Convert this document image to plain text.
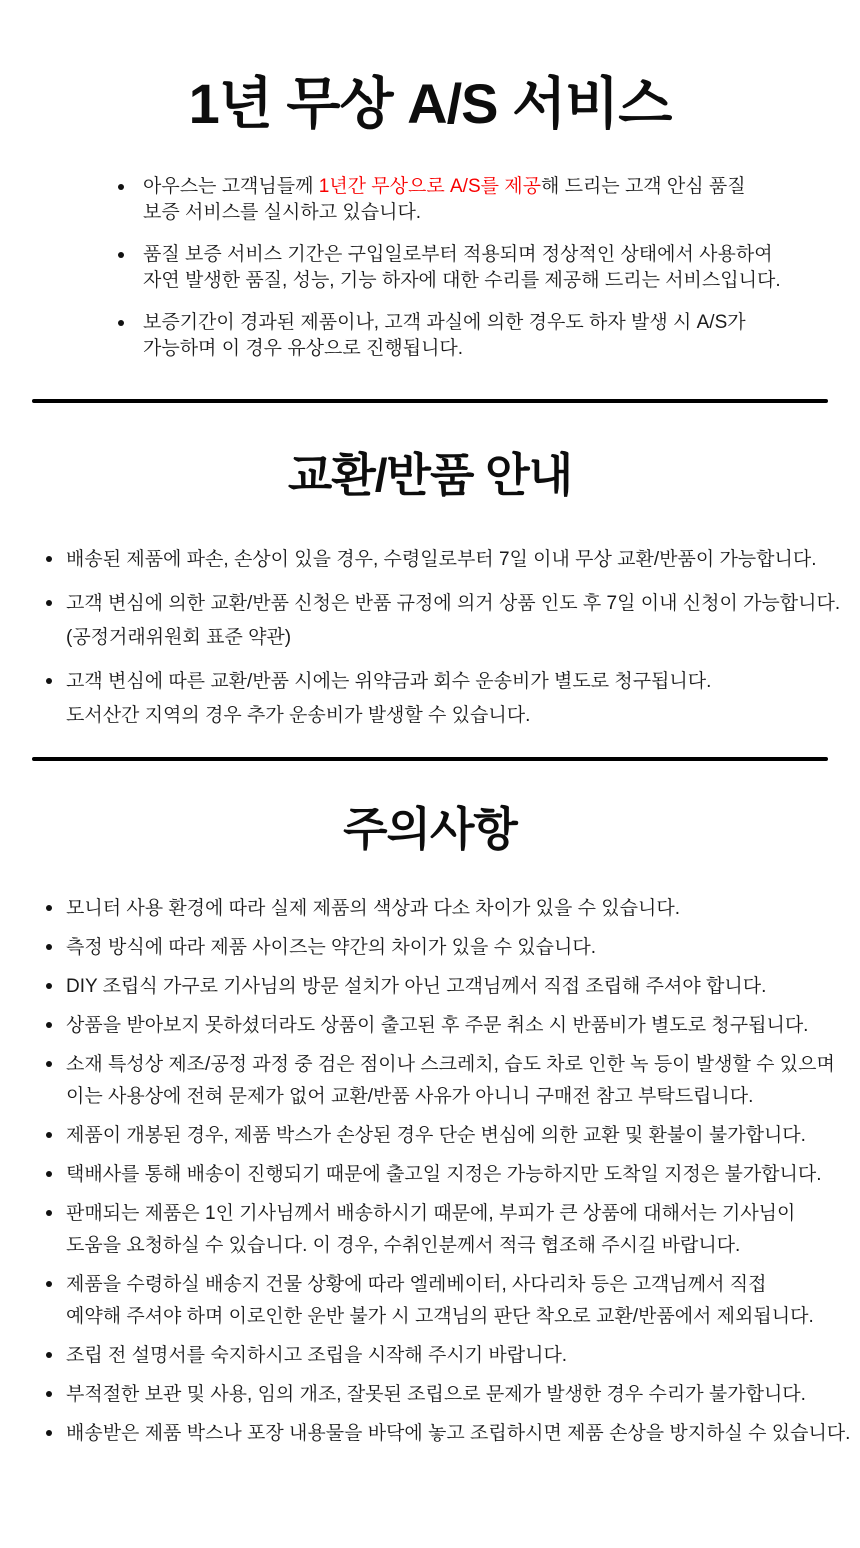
1년 무상 A/S 서비스

아우스는 고객님들께 1년간 무상으로 A/S를 제공해 드리는 고객 안심 품질
보증 서비스를 실시하고 있습니다.

품질 보증 서비스 기간은 구입일로부터 적용되며 정상적인 상태에서 사용하여
자연 발생한 품질, 성능, 기능 하자에 대한 수리를 제공해 드리는 서비스입니다.

보증기간이 경과된 제품이나, 고객 과실에 의한 경우도 하자 발생 시 A/S가
가능하며 이 경우 유상으로 진행됩니다.

교환/반품 안내

배송된 제품에 파손, 손상이 있을 경우, 수령일로부터 7일 이내 무상 교환/반품이 가능합니다.

고객 변심에 의한 교환/반품 신청은 반품 규정에 의거 상품 인도 후 7일 이내 신청이 가능합니다.
(공정거래위원회 표준 약관)

고객 변심에 따른 교환/반품 시에는 위약금과 회수 운송비가 별도로 청구됩니다.
도서산간 지역의 경우 추가 운송비가 발생할 수 있습니다.

주의사항

모니터 사용 환경에 따라 실제 제품의 색상과 다소 차이가 있을 수 있습니다.

측정 방식에 따라 제품 사이즈는 약간의 차이가 있을 수 있습니다.

DIY 조립식 가구로 기사님의 방문 설치가 아닌 고객님께서 직접 조립해 주셔야 합니다.

상품을 받아보지 못하셨더라도 상품이 출고된 후 주문 취소 시 반품비가 별도로 청구됩니다.

소재 특성상 제조/공정 과정 중 검은 점이나 스크레치, 습도 차로 인한 녹 등이 발생할 수 있으며
이는 사용상에 전혀 문제가 없어 교환/반품 사유가 아니니 구매전 참고 부탁드립니다.

제품이 개봉된 경우, 제품 박스가 손상된 경우 단순 변심에 의한 교환 및 환불이 불가합니다.

택배사를 통해 배송이 진행되기 때문에 출고일 지정은 가능하지만 도착일 지정은 불가합니다.

판매되는 제품은 1인 기사님께서 배송하시기 때문에, 부피가 큰 상품에 대해서는 기사님이
도움을 요청하실 수 있습니다. 이 경우, 수취인분께서 적극 협조해 주시길 바랍니다.

제품을 수령하실 배송지 건물 상황에 따라 엘레베이터, 사다리차 등은 고객님께서 직접
예약해 주셔야 하며 이로인한 운반 불가 시 고객님의 판단 착오로 교환/반품에서 제외됩니다.

조립 전 설명서를 숙지하시고 조립을 시작해 주시기 바랍니다.

부적절한 보관 및 사용, 임의 개조, 잘못된 조립으로 문제가 발생한 경우 수리가 불가합니다.

배송받은 제품 박스나 포장 내용물을 바닥에 놓고 조립하시면 제품 손상을 방지하실 수 있습니다.
